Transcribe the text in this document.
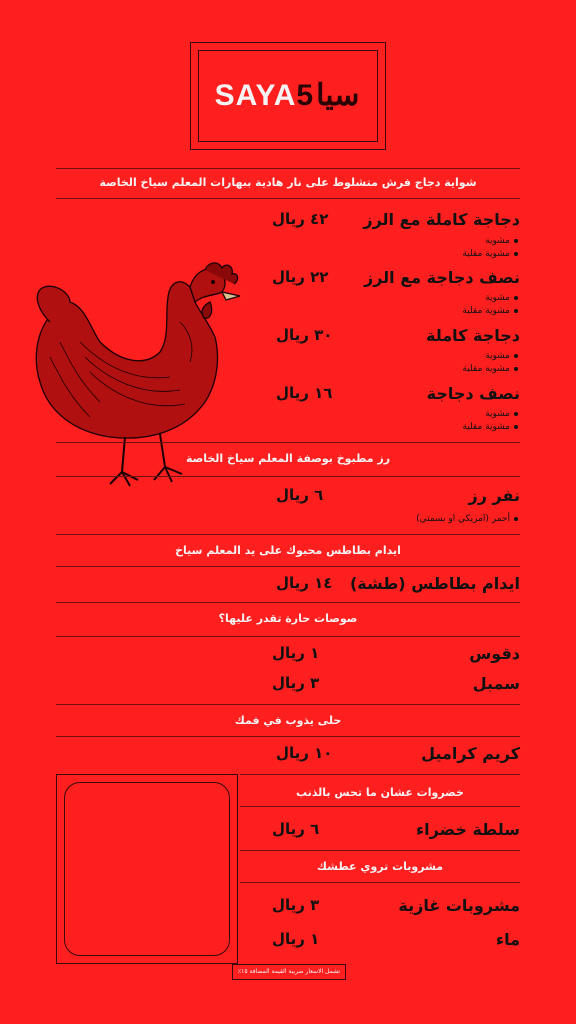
SAYA5سيا
شواية دجاج فرش متشلوط على نار هادية ببهارات المعلم سياخ الخاصة
دجاجة كاملة مع الرز
٤٢ ريال
مشوية
مشوية مقلية
نصف دجاجة مع الرز
٢٢ ريال
مشوية
مشوية مقلية
دجاجة كاملة
٣٠ ريال
مشوية
مشوية مقلية
نصف دجاجة
١٦ ريال
مشوية
مشوية مقلية
رز مطبوخ بوصفة المعلم سياخ الخاصة
نفر رز
٦ ريال
أحمر (امريكي او بسمتي)
ايدام بطاطس محبوك على يد المعلم سياخ
ايدام بطاطس (طشة)
١٤ ريال
صوصات حارة تقدر عليها؟
دقوس
١ ريال
سمبل
٣ ريال
حلى يذوب في فمك
كريم كراميل
١٠ ريال
خضروات عشان ما تحس بالذنب
سلطة خضراء
٦ ريال
مشروبات تروي عطشك
مشروبات غازية
٣ ريال
ماء
١ ريال
تشمل الاسعار ضريبة القيمة المضافة ١٥٪
